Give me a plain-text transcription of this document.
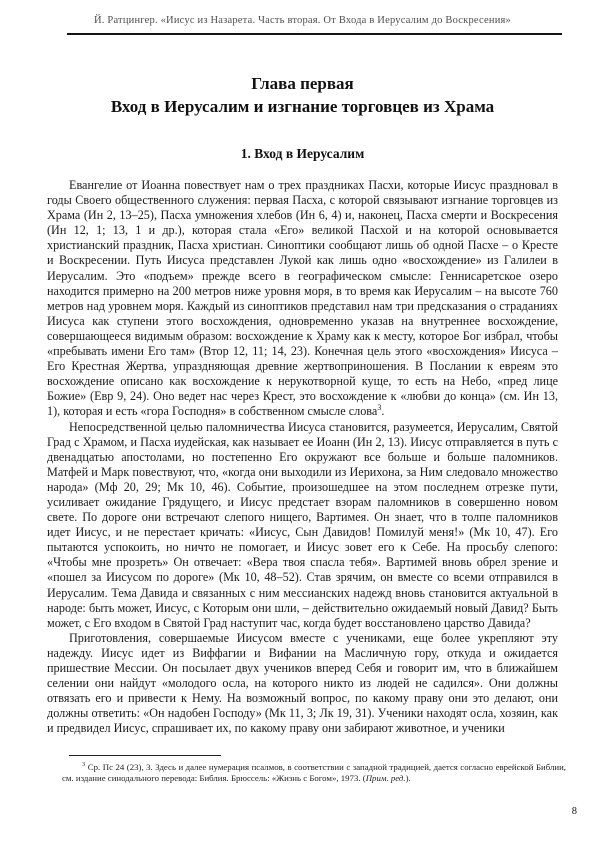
Й. Ратцингер. «Иисус из Назарета. Часть вторая. От Входа в Иерусалим до Воскресения»
Глава первая
Вход в Иерусалим и изгнание торговцев из Храма
1. Вход в Иерусалим

Евангелие от Иоанна повествует нам о трех праздниках Пасхи, которые Иисус праздновал в годы Своего общественного служения: первая Пасха, с которой связывают изгнание торговцев из Храма (Ин 2, 13–25), Пасха умножения хлебов (Ин 6, 4) и, наконец, Пасха смерти и Воскресения (Ин 12, 1; 13, 1 и др.), которая стала «Его» великой Пасхой и на которой основывается христианский праздник, Пасха христиан. Синоптики сообщают лишь об одной Пасхе – о Кресте и Воскресении. Путь Иисуса представлен Лукой как лишь одно «восхождение» из Галилеи в Иерусалим. Это «подъем» прежде всего в географическом смысле: Геннисаретское озеро находится примерно на 200 метров ниже уровня моря, в то время как Иерусалим – на высоте 760 метров над уровнем моря. Каждый из синоптиков представил нам три предсказания о страданиях Иисуса как ступени этого восхождения, одновременно указав на внутреннее восхождение, совершающееся видимым образом: восхождение к Храму как к месту, которое Бог избрал, чтобы «пребывать имени Его там» (Втор 12, 11; 14, 23). Конечная цель этого «восхождения» Иисуса – Его Крестная Жертва, упраздняющая древние жертвоприношения. В Послании к евреям это восхождение описано как восхождение к нерукотворной куще, то есть на Небо, «пред лице Божие» (Евр 9, 24). Оно ведет нас через Крест, это восхождение к «любви до конца» (см. Ин 13, 1), которая и есть «гора Господня» в собственном смысле слова$^3$.

Непосредственной целью паломничества Иисуса становится, разумеется, Иерусалим, Святой Град с Храмом, и Пасха иудейская, как называет ее Иоанн (Ин 2, 13). Иисус отправляется в путь с двенадцатью апостолами, но постепенно Его окружают все больше и больше паломников. Матфей и Марк повествуют, что, «когда они выходили из Иерихона, за Ним следовало множество народа» (Мф 20, 29; Мк 10, 46). Событие, произошедшее на этом последнем отрезке пути, усиливает ожидание Грядущего, и Иисус предстает взорам паломников в совершенно новом свете. По дороге они встречают слепого нищего, Вартимея. Он знает, что в толпе паломников идет Иисус, и не перестает кричать: «Иисус, Сын Давидов! Помилуй меня!» (Мк 10, 47). Его пытаются успокоить, но ничто не помогает, и Иисус зовет его к Себе. На просьбу слепого: «Чтобы мне прозреть» Он отвечает: «Вера твоя спасла тебя». Вартимей вновь обрел зрение и «пошел за Иисусом по дороге» (Мк 10, 48–52). Став зрячим, он вместе со всеми отправился в Иерусалим. Тема Давида и связанных с ним мессианских надежд вновь становится актуальной в народе: быть может, Иисус, с Которым они шли, – действительно ожидаемый новый Давид? Быть может, с Его входом в Святой Град наступит час, когда будет восстановлено царство Давида?

Приготовления, совершаемые Иисусом вместе с учениками, еще более укрепляют эту надежду. Иисус идет из Виффагии и Вифании на Масличную гору, откуда и ожидается пришествие Мессии. Он посылает двух учеников вперед Себя и говорит им, что в ближайшем селении они найдут «молодого осла, на которого никто из людей не садился». Они должны отвязать его и привести к Нему. На возможный вопрос, по какому праву они это делают, они должны ответить: «Он надобен Господу» (Мк 11, 3; Лк 19, 31). Ученики находят осла, хозяин, как и предвидел Иисус, спрашивает их, по какому праву они забирают животное, и ученики

$^3$ Ср. Пс 24 (23), 3. Здесь и далее нумерация псалмов, в соответствии с западной традицией, дается согласно еврейской Библии, см. издание синодального перевода: Библия. Брюссель: «Жизнь с Богом», 1973. (Прим. ред.).
8
